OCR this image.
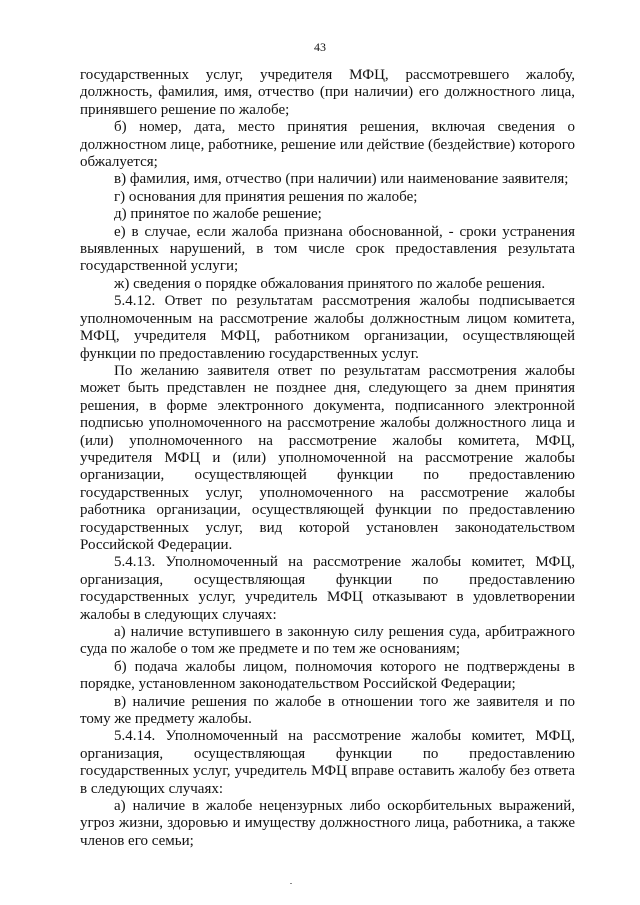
43

государственных услуг, учредителя МФЦ, рассмотревшего жалобу, должность, фамилия, имя, отчество (при наличии) его должностного лица, принявшего решение по жалобе;

б) номер, дата, место принятия решения, включая сведения о должностном лице, работнике, решение или действие (бездействие) которого обжалуется;

в) фамилия, имя, отчество (при наличии) или наименование заявителя;

г) основания для принятия решения по жалобе;

д) принятое по жалобе решение;

е) в случае, если жалоба признана обоснованной, - сроки устранения выявленных нарушений, в том числе срок предоставления результата государственной услуги;

ж) сведения о порядке обжалования принятого по жалобе решения.

5.4.12. Ответ по результатам рассмотрения жалобы подписывается уполномоченным на рассмотрение жалобы должностным лицом комитета, МФЦ, учредителя МФЦ, работником организации, осуществляющей функции по предоставлению государственных услуг.

По желанию заявителя ответ по результатам рассмотрения жалобы может быть представлен не позднее дня, следующего за днем принятия решения, в форме электронного документа, подписанного электронной подписью уполномоченного на рассмотрение жалобы должностного лица и (или) уполномоченного на рассмотрение жалобы комитета, МФЦ, учредителя МФЦ и (или) уполномоченной на рассмотрение жалобы организации, осуществляющей функции по предоставлению государственных услуг, уполномоченного на рассмотрение жалобы работника организации, осуществляющей функции по предоставлению государственных услуг, вид которой установлен законодательством Российской Федерации.

5.4.13. Уполномоченный на рассмотрение жалобы комитет, МФЦ, организация, осуществляющая функции по предоставлению государственных услуг, учредитель МФЦ отказывают в удовлетворении жалобы в следующих случаях:

а) наличие вступившего в законную силу решения суда, арбитражного суда по жалобе о том же предмете и по тем же основаниям;

б) подача жалобы лицом, полномочия которого не подтверждены в порядке, установленном законодательством Российской Федерации;

в) наличие решения по жалобе в отношении того же заявителя и по тому же предмету жалобы.

5.4.14. Уполномоченный на рассмотрение жалобы комитет, МФЦ, организация, осуществляющая функции по предоставлению государственных услуг, учредитель МФЦ вправе оставить жалобу без ответа в следующих случаях:

а) наличие в жалобе нецензурных либо оскорбительных выражений, угроз жизни, здоровью и имуществу должностного лица, работника, а также членов его семьи;
